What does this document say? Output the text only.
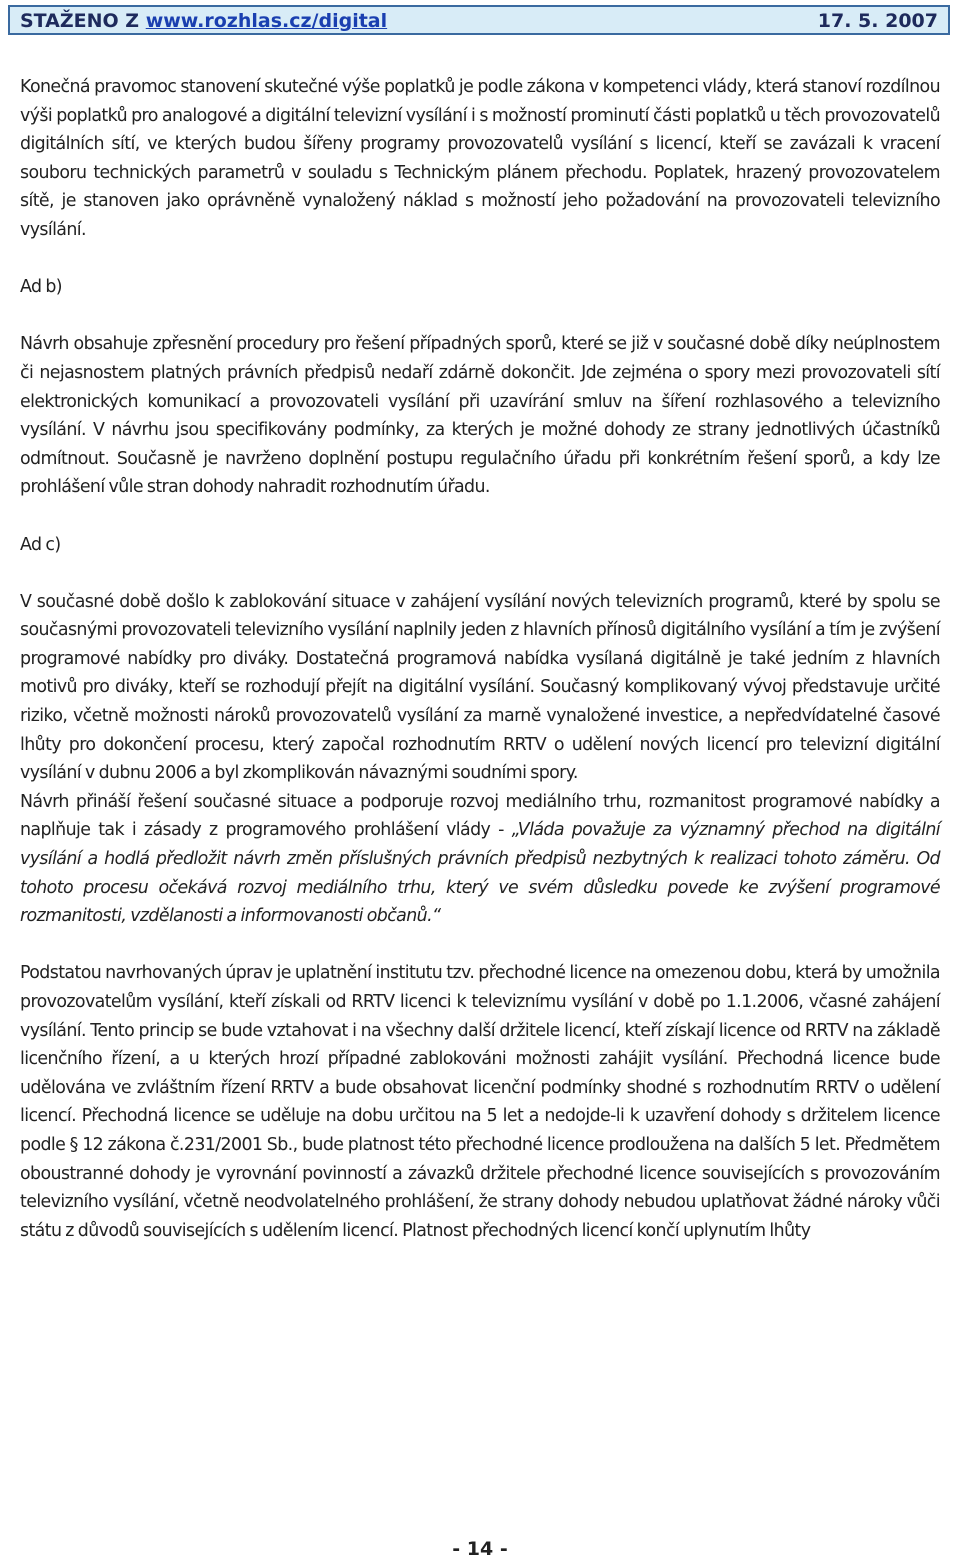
STAŽENO Z www.rozhlas.cz/digital	17. 5. 2007

Konečná pravomoc stanovení skutečné výše poplatků je podle zákona v kompetenci vlády, která stanoví rozdílnou výši poplatků pro analogové a digitální televizní vysílání i s možností prominutí části poplatků u těch provozovatelů digitálních sítí, ve kterých budou šířeny programy provozovatelů vysílání s licencí, kteří se zavázali k vracení souboru technických parametrů v souladu s Technickým plánem přechodu. Poplatek, hrazený provozovatelem sítě, je stanoven jako oprávněně vynaložený náklad s možností jeho požadování na provozovateli televizního vysílání.

Ad b)

Návrh obsahuje zpřesnění procedury pro řešení případných sporů, které se již v současné době díky neúplnostem či nejasnostem platných právních předpisů nedaří zdárně dokončit. Jde zejména o spory mezi provozovateli sítí elektronických komunikací a provozovateli vysílání při uzavírání smluv na šíření rozhlasového a televizního vysílání. V návrhu jsou specifikovány podmínky, za kterých je možné dohody ze strany jednotlivých účastníků odmítnout. Současně je navrženo doplnění postupu regulačního úřadu při konkrétním řešení sporů, a kdy lze prohlášení vůle stran dohody nahradit rozhodnutím úřadu.

Ad c)

V současné době došlo k zablokování situace v zahájení vysílání nových televizních programů, které by spolu se současnými provozovateli televizního vysílání naplnily jeden z hlavních přínosů digitálního vysílání a tím je zvýšení programové nabídky pro diváky. Dostatečná programová nabídka vysílaná digitálně je také jedním z hlavních motivů pro diváky, kteří se rozhodují přejít na digitální vysílání. Současný komplikovaný vývoj představuje určité riziko, včetně možnosti nároků provozovatelů vysílání za marně vynaložené investice, a nepředvídatelné časové lhůty pro dokončení procesu, který započal rozhodnutím RRTV o udělení nových licencí pro televizní digitální vysílání v dubnu 2006 a byl zkomplikován návaznými soudními spory.

Návrh přináší řešení současné situace a podporuje rozvoj mediálního trhu, rozmanitost programové nabídky a naplňuje tak i zásady z programového prohlášení vlády - „Vláda považuje za významný přechod na digitální vysílání a hodlá předložit návrh změn příslušných právních předpisů nezbytných k realizaci tohoto záměru. Od tohoto procesu očekává rozvoj mediálního trhu, který ve svém důsledku povede ke zvýšení programové rozmanitosti, vzdělanosti a informovanosti občanů.“

Podstatou navrhovaných úprav je uplatnění institutu tzv. přechodné licence na omezenou dobu, která by umožnila provozovatelům vysílání, kteří získali od RRTV licenci k televiznímu vysílání v době po 1.1.2006, včasné zahájení vysílání. Tento princip se bude vztahovat i na všechny další držitele licencí, kteří získají licence od RRTV na základě licenčního řízení, a u kterých hrozí případné zablokováni možnosti zahájit vysílání. Přechodná licence bude udělována ve zvláštním řízení RRTV a bude obsahovat licenční podmínky shodné s rozhodnutím RRTV o udělení licencí. Přechodná licence se uděluje na dobu určitou na 5 let a nedojde-li k uzavření dohody s držitelem licence podle § 12 zákona č.231/2001 Sb., bude platnost této přechodné licence prodloužena na dalších 5 let. Předmětem oboustranné dohody je vyrovnání povinností a závazků držitele přechodné licence souvisejících s provozováním televizního vysílání, včetně neodvolatelného prohlášení, že strany dohody nebudou uplatňovat žádné nároky vůči státu z důvodů souvisejících s udělením licencí. Platnost přechodných licencí končí uplynutím lhůty

- 14 -
